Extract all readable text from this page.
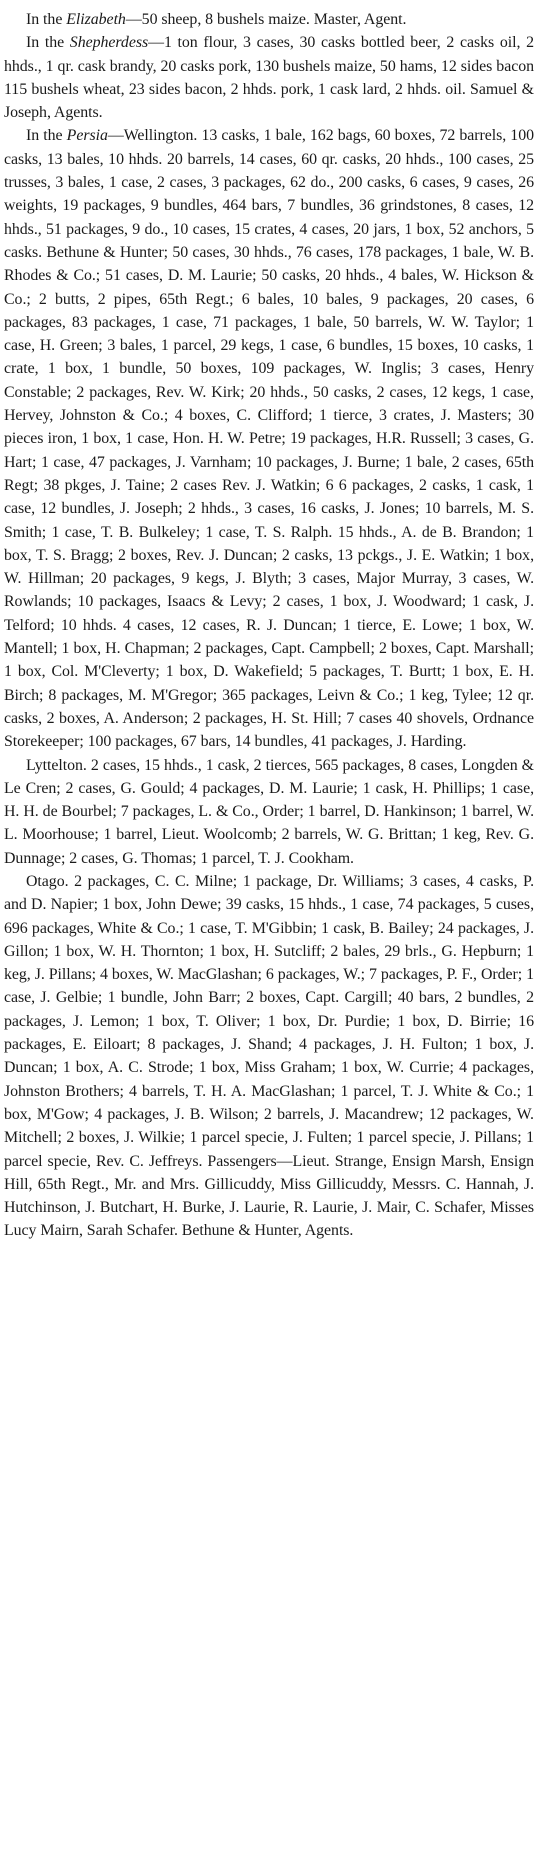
In the Elizabeth—50 sheep, 8 bushels maize. Master, Agent.

In the Shepherdess—1 ton flour, 3 cases, 30 casks bottled beer, 2 casks oil, 2 hhds., 1 qr. cask brandy, 20 casks pork, 130 bushels maize, 50 hams, 12 sides bacon 115 bushels wheat, 23 sides bacon, 2 hhds. pork, 1 cask lard, 2 hhds. oil. Samuel & Joseph, Agents.

In the Persia—Wellington. 13 casks, 1 bale, 162 bags, 60 boxes, 72 barrels, 100 casks, 13 bales, 10 hhds. 20 barrels, 14 cases, 60 qr. casks, 20 hhds., 100 cases, 25 trusses, 3 bales, 1 case, 2 cases, 3 packages, 62 do., 200 casks, 6 cases, 9 cases, 26 weights, 19 packages, 9 bundles, 464 bars, 7 bundles, 36 grindstones, 8 cases, 12 hhds., 51 packages, 9 do., 10 cases, 15 crates, 4 cases, 20 jars, 1 box, 52 anchors, 5 casks. Bethune & Hunter; 50 cases, 30 hhds., 76 cases, 178 packages, 1 bale, W. B. Rhodes & Co.; 51 cases, D. M. Laurie; 50 casks, 20 hhds., 4 bales, W. Hickson & Co.; 2 butts, 2 pipes, 65th Regt.; 6 bales, 10 bales, 9 packages, 20 cases, 6 packages, 83 packages, 1 case, 71 packages, 1 bale, 50 barrels, W. W. Taylor; 1 case, H. Green; 3 bales, 1 parcel, 29 kegs, 1 case, 6 bundles, 15 boxes, 10 casks, 1 crate, 1 box, 1 bundle, 50 boxes, 109 packages, W. Inglis; 3 cases, Henry Constable; 2 packages, Rev. W. Kirk; 20 hhds., 50 casks, 2 cases, 12 kegs, 1 case, Hervey, Johnston & Co.; 4 boxes, C. Clifford; 1 tierce, 3 crates, J. Masters; 30 pieces iron, 1 box, 1 case, Hon. H. W. Petre; 19 packages, H.R. Russell; 3 cases, G. Hart; 1 case, 47 packages, J. Varnham; 10 packages, J. Burne; 1 bale, 2 cases, 65th Regt; 38 pkges, J. Taine; 2 cases Rev. J. Watkin; 6 6 packages, 2 casks, 1 cask, 1 case, 12 bundles, J. Joseph; 2 hhds., 3 cases, 16 casks, J. Jones; 10 barrels, M. S. Smith; 1 case, T. B. Bulkeley; 1 case, T. S. Ralph. 15 hhds., A. de B. Brandon; 1 box, T. S. Bragg; 2 boxes, Rev. J. Duncan; 2 casks, 13 pckgs., J. E. Watkin; 1 box, W. Hillman; 20 packages, 9 kegs, J. Blyth; 3 cases, Major Murray, 3 cases, W. Rowlands; 10 packages, Isaacs & Levy; 2 cases, 1 box, J. Woodward; 1 cask, J. Telford; 10 hhds. 4 cases, 12 cases, R. J. Duncan; 1 tierce, E. Lowe; 1 box, W. Mantell; 1 box, H. Chapman; 2 packages, Capt. Campbell; 2 boxes, Capt. Marshall; 1 box, Col. M'Cleverty; 1 box, D. Wakefield; 5 packages, T. Burtt; 1 box, E. H. Birch; 8 packages, M. M'Gregor; 365 packages, Leivn & Co.; 1 keg, Tylee; 12 qr. casks, 2 boxes, A. Anderson; 2 packages, H. St. Hill; 7 cases 40 shovels, Ordnance Storekeeper; 100 packages, 67 bars, 14 bundles, 41 packages, J. Harding.

Lyttelton. 2 cases, 15 hhds., 1 cask, 2 tierces, 565 packages, 8 cases, Longden & Le Cren; 2 cases, G. Gould; 4 packages, D. M. Laurie; 1 cask, H. Phillips; 1 case, H. H. de Bourbel; 7 packages, L. & Co., Order; 1 barrel, D. Hankinson; 1 barrel, W. L. Moorhouse; 1 barrel, Lieut. Woolcomb; 2 barrels, W. G. Brittan; 1 keg, Rev. G. Dunnage; 2 cases, G. Thomas; 1 parcel, T. J. Cookham.

Otago. 2 packages, C. C. Milne; 1 package, Dr. Williams; 3 cases, 4 casks, P. and D. Napier; 1 box, John Dewe; 39 casks, 15 hhds., 1 case, 74 packages, 5 cuses, 696 packages, White & Co.; 1 case, T. M'Gibbin; 1 cask, B. Bailey; 24 packages, J. Gillon; 1 box, W. H. Thornton; 1 box, H. Sutcliff; 2 bales, 29 brls., G. Hepburn; 1 keg, J. Pillans; 4 boxes, W. MacGlashan; 6 packages, W.; 7 packages, P. F., Order; 1 case, J. Gelbie; 1 bundle, John Barr; 2 boxes, Capt. Cargill; 40 bars, 2 bundles, 2 packages, J. Lemon; 1 box, T. Oliver; 1 box, Dr. Purdie; 1 box, D. Birrie; 16 packages, E. Eiloart; 8 packages, J. Shand; 4 packages, J. H. Fulton; 1 box, J. Duncan; 1 box, A. C. Strode; 1 box, Miss Graham; 1 box, W. Currie; 4 packages, Johnston Brothers; 4 barrels, T. H. A. MacGlashan; 1 parcel, T. J. White & Co.; 1 box, M'Gow; 4 packages, J. B. Wilson; 2 barrels, J. Macandrew; 12 packages, W. Mitchell; 2 boxes, J. Wilkie; 1 parcel specie, J. Fulten; 1 parcel specie, J. Pillans; 1 parcel specie, Rev. C. Jeffreys. Passengers—Lieut. Strange, Ensign Marsh, Ensign Hill, 65th Regt., Mr. and Mrs. Gillicuddy, Miss Gillicuddy, Messrs. C. Hannah, J. Hutchinson, J. Butchart, H. Burke, J. Laurie, R. Laurie, J. Mair, C. Schafer, Misses Lucy Mairn, Sarah Schafer. Bethune & Hunter, Agents.
